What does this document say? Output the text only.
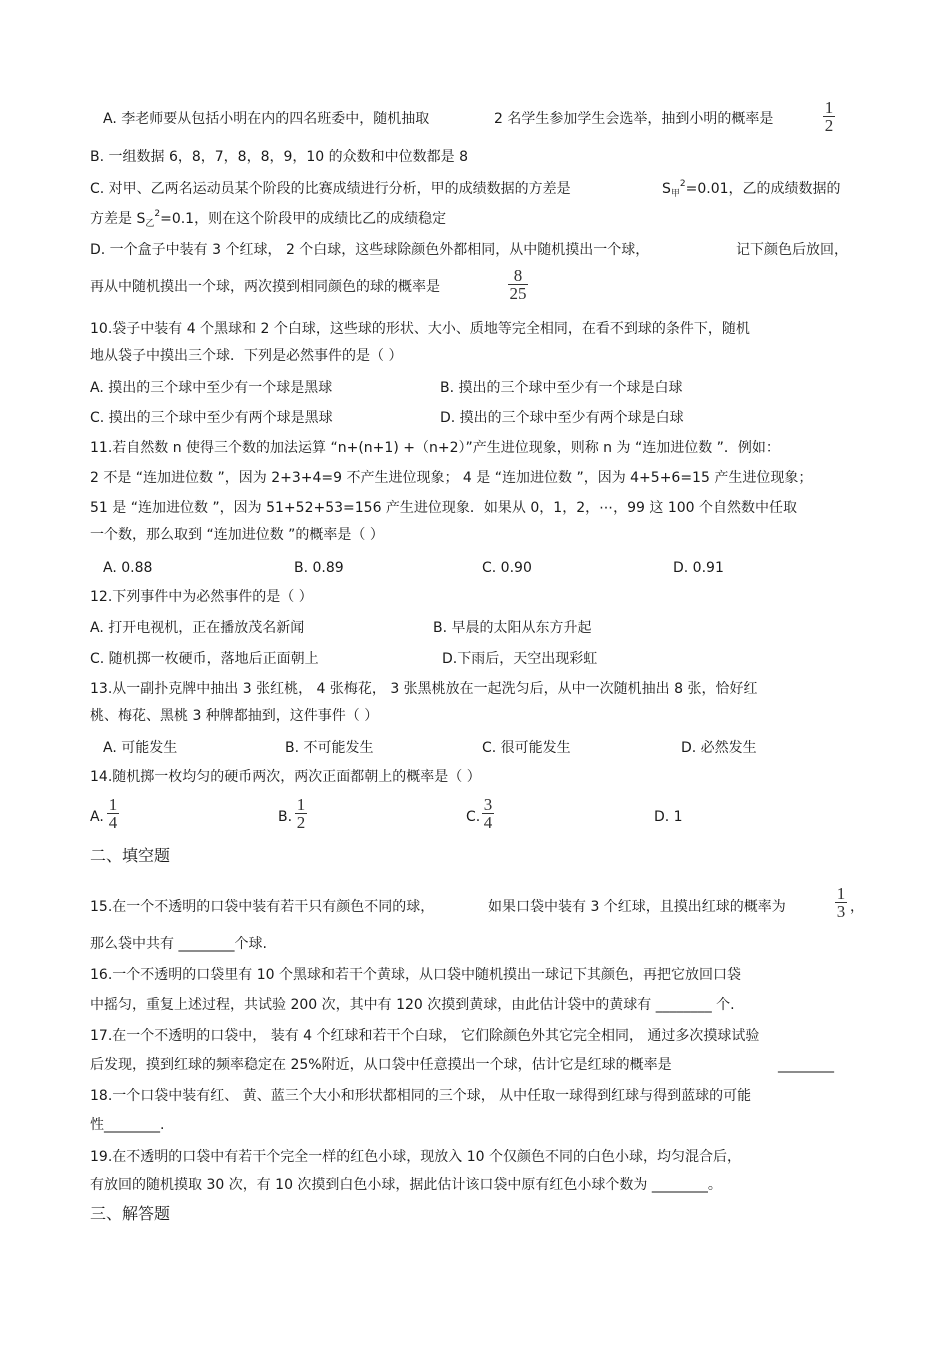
A. 李老师要从包括小明在内的四名班委中，随机抽取	2 名学生参加学生会选举，抽到小明的概率是
1
2
B. 一组数据 6，8，7，8，8，9，10 的众数和中位数都是 8
C. 对甲、乙两名运动员某个阶段的比赛成绩进行分析，甲的成绩数据的方差是	$S_甲^2=0.01$，乙的成绩数据的
方差是 $S_乙^2=0.1$，则在这个阶段甲的成绩比乙的成绩稳定
D. 一个盒子中装有 3 个红球， 2 个白球，这些球除颜色外都相同，从中随机摸出一个球，	记下颜色后放回，
再从中随机摸出一个球，两次摸到相同颜色的球的概率是
8
25
10.袋子中装有 4 个黑球和 2 个白球，这些球的形状、大小、质地等完全相同，在看不到球的条件下，随机
地从袋子中摸出三个球．下列是必然事件的是（ ）
A. 摸出的三个球中至少有一个球是黑球	B. 摸出的三个球中至少有一个球是白球
C. 摸出的三个球中至少有两个球是黑球	D. 摸出的三个球中至少有两个球是白球
11.若自然数 n 使得三个数的加法运算 “n+(n+1) +（n+2）”产生进位现象，则称 n 为 “连加进位数 ”．例如：
2 不是 “连加进位数 ”，因为 2+3+4=9 不产生进位现象； 4 是 “连加进位数 ”，因为 4+5+6=15 产生进位现象；
51 是 “连加进位数 ”，因为 51+52+53=156 产生进位现象．如果从 0，1，2，⋯，99 这 100 个自然数中任取
一个数，那么取到 “连加进位数 ”的概率是（ ）
A. 0.88	B. 0.89	C. 0.90	D. 0.91
12.下列事件中为必然事件的是（ ）
A. 打开电视机，正在播放茂名新闻	B. 早晨的太阳从东方升起
C. 随机掷一枚硬币，落地后正面朝上	D.下雨后，天空出现彩虹
13.从一副扑克牌中抽出 3 张红桃， 4 张梅花， 3 张黑桃放在一起洗匀后，从中一次随机抽出 8 张，恰好红
桃、梅花、黑桃 3 种牌都抽到，这件事件（ ）
A. 可能发生	B. 不可能发生	C. 很可能发生	D. 必然发生
14.随机掷一枚均匀的硬币两次，两次正面都朝上的概率是（ ）
A.
1
4	B.
1
2	C.
3
4	D. 1
二、填空题
15.在一个不透明的口袋中装有若干只有颜色不同的球，	如果口袋中装有 3 个红球，且摸出红球的概率为
1
3 ，
那么袋中共有 ________个球.
16.一个不透明的口袋里有 10 个黑球和若干个黄球，从口袋中随机摸出一球记下其颜色，再把它放回口袋
中摇匀，重复上述过程，共试验 200 次，其中有 120 次摸到黄球，由此估计袋中的黄球有 ________ 个.
17.在一个不透明的口袋中， 装有 4 个红球和若干个白球， 它们除颜色外其它完全相同， 通过多次摸球试验
后发现，摸到红球的频率稳定在 25%附近，从口袋中任意摸出一个球，估计它是红球的概率是	________
18.一个口袋中装有红、 黄、蓝三个大小和形状都相同的三个球， 从中任取一球得到红球与得到蓝球的可能
性________.
19.在不透明的口袋中有若干个完全一样的红色小球，现放入 10 个仅颜色不同的白色小球，均匀混合后，
有放回的随机摸取 30 次，有 10 次摸到白色小球，据此估计该口袋中原有红色小球个数为 ________。
三、解答题
